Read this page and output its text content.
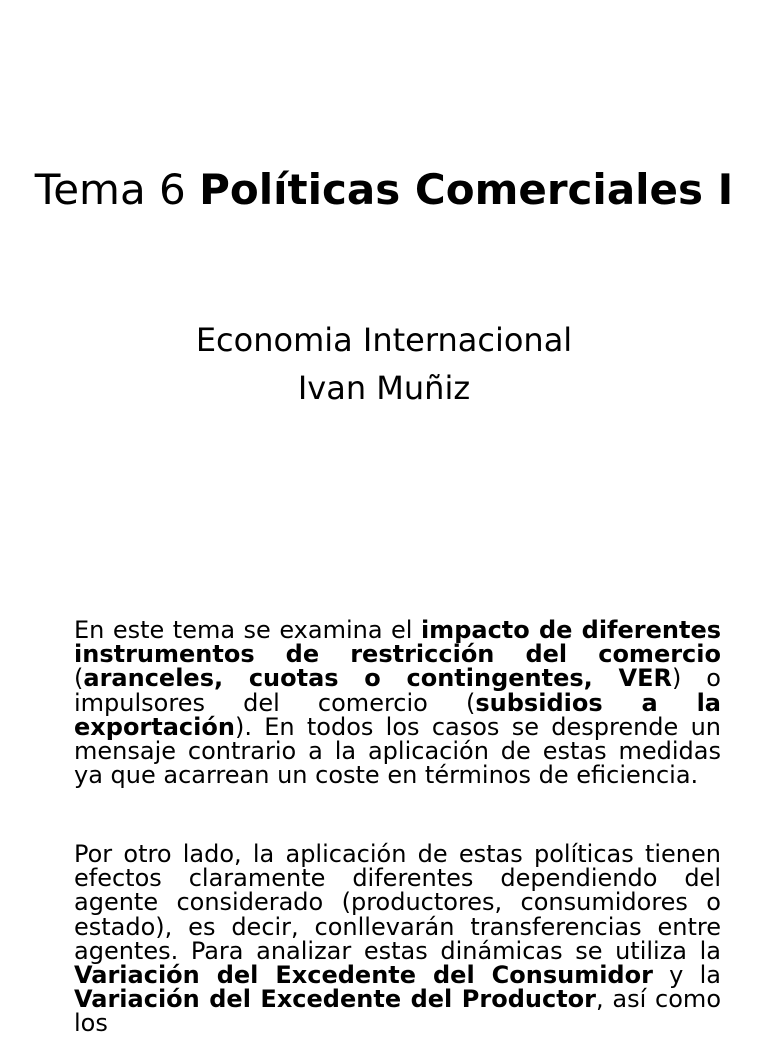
Tema 6 Políticas Comerciales I

Economia Internacional

Ivan Muñiz

En este tema se examina el impacto de diferentes instrumentos de restricción del comercio (aranceles, cuotas o contingentes, VER) o impulsores del comercio (subsidios a la exportación). En todos los casos se desprende un mensaje contrario a la aplicación de estas medidas ya que acarrean un coste en términos de eficiencia.

Por otro lado, la aplicación de estas políticas tienen efectos claramente diferentes dependiendo del agente considerado (productores, consumidores o estado), es decir, conllevarán transferencias entre agentes. Para analizar estas dinámicas se utiliza la Variación del Excedente del Consumidor y la Variación del Excedente del Productor, así como los
